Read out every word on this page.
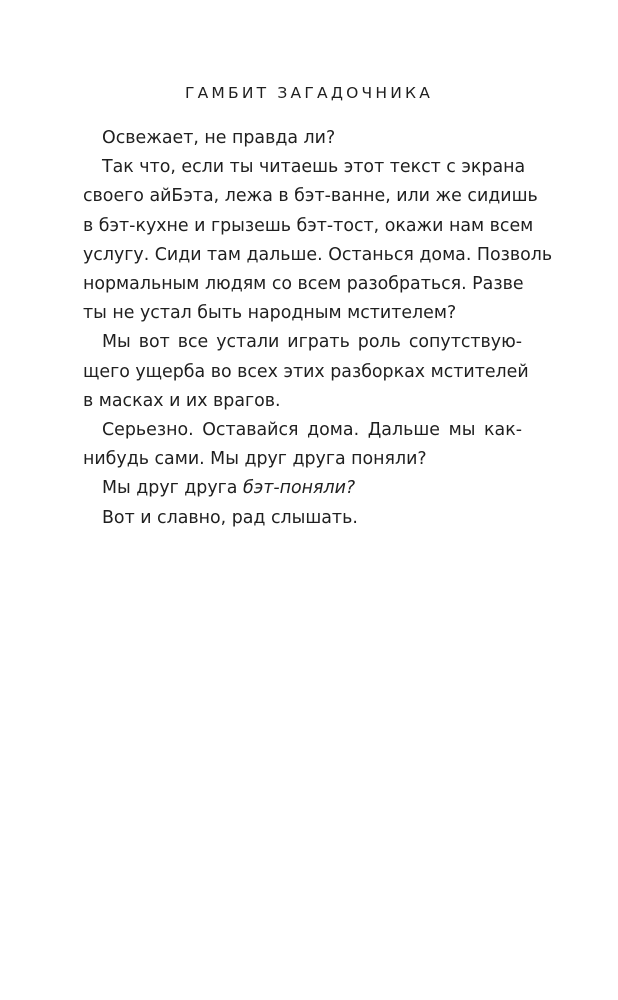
ГАМБИТ ЗАГАДОЧНИКА

Освежает, не правда ли?

Так что, если ты читаешь этот текст с экрана
своего айБэта, лежа в бэт-ванне, или же сидишь
в бэт-кухне и грызешь бэт-тост, окажи нам всем
услугу. Сиди там дальше. Останься дома. Позволь
нормальным людям со всем разобраться. Разве
ты не устал быть народным мстителем?

Мы вот все устали играть роль сопутствую-
щего ущерба во всех этих разборках мстителей
в масках и их врагов.

Серьезно. Оставайся дома. Дальше мы как-
нибудь сами. Мы друг друга поняли?

Мы друг друга бэт-поняли?

Вот и славно, рад слышать.
